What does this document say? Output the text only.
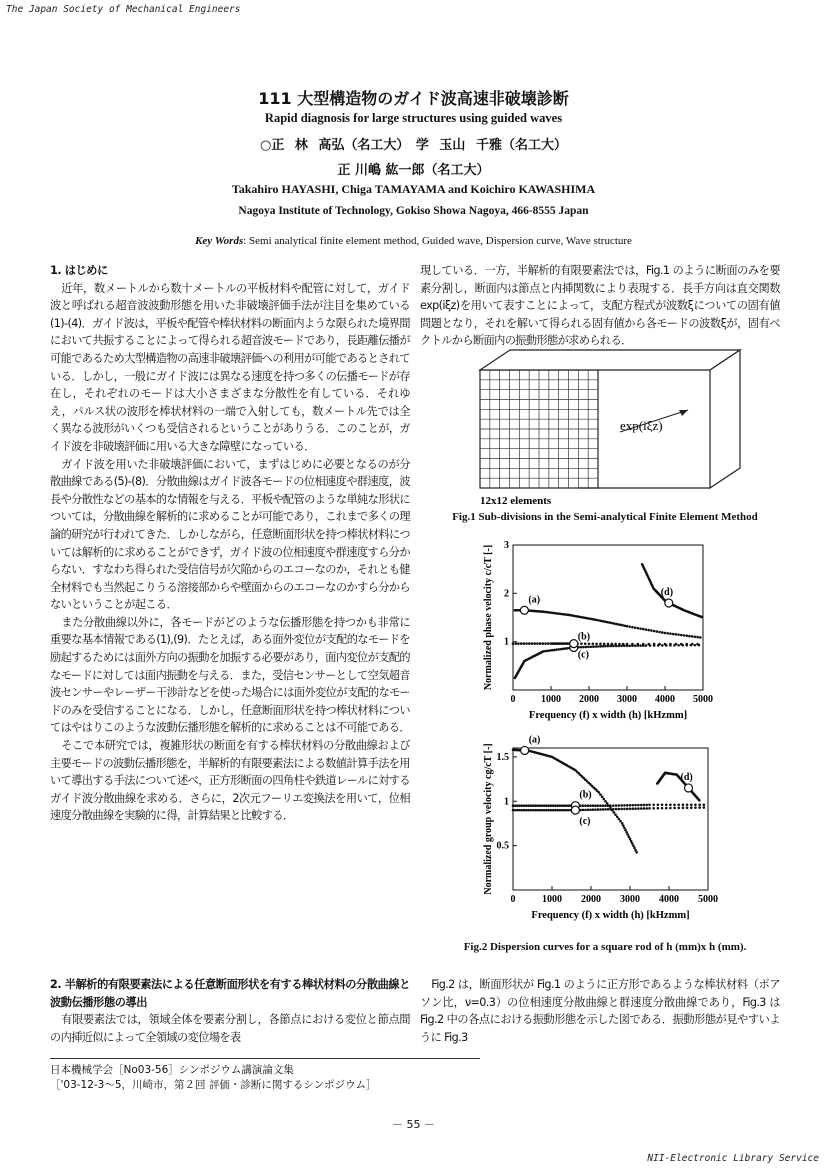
The Japan Society of Mechanical Engineers
111 大型構造物のガイド波高速非破壊診断
Rapid diagnosis for large structures using guided waves
○正 林 高弘（名工大）　学 玉山 千雅（名工大）
正 川嶋 紘一郎（名工大）
Takahiro HAYASHI, Chiga TAMAYAMA and Koichiro KAWASHIMA
Nagoya Institute of Technology, Gokiso Showa Nagoya, 466-8555 Japan
Key Words: Semi analytical finite element method, Guided wave, Dispersion curve, Wave structure
1. はじめに

近年，数メートルから数十メートルの平板材料や配管に対して，ガイド波と呼ばれる超音波波動形態を用いた非破壊評価手法が注目を集めている(1)-(4)．ガイド波は，平板や配管や棒状材料の断面内ような限られた境界間において共振することによって得られる超音波モードであり，長距離伝播が可能であるため大型構造物の高速非破壊評価への利用が可能であるとされている．しかし，一般にガイド波には異なる速度を持つ多くの伝播モードが存在し，それぞれのモードは大小さまざまな分散性を有している．それゆえ，パルス状の波形を棒状材料の一端で入射しても，数メートル先では全く異なる波形がいくつも受信されるということがありうる．このことが，ガイド波を非破壊評価に用いる大きな障壁になっている．

ガイド波を用いた非破壊評価において，まずはじめに必要となるのが分散曲線である(5)-(8)．分散曲線はガイド波各モードの位相速度や群速度，波長や分散性などの基本的な情報を与える．平板や配管のような単純な形状については，分散曲線を解析的に求めることが可能であり，これまで多くの理論的研究が行われてきた．しかしながら，任意断面形状を持つ棒状材料については解析的に求めることができず，ガイド波の位相速度や群速度すら分からない．すなわち得られた受信信号が欠陥からのエコーなのか，それとも健全材料でも当然起こりうる溶接部からや壁面からのエコーなのかすら分からないということが起こる．

また分散曲線以外に，各モードがどのような伝播形態を持つかも非常に重要な基本情報である(1),(9)．たとえば，ある面外変位が支配的なモードを励起するためには面外方向の振動を加振する必要があり，面内変位が支配的なモードに対しては面内振動を与える．また，受信センサーとして空気超音波センサーやレーザー干渉計などを使った場合には面外変位が支配的なモードのみを受信することになる．しかし，任意断面形状を持つ棒状材料についてはやはりこのような波動伝播形態を解析的に求めることは不可能である．

そこで本研究では，複雑形状の断面を有する棒状材料の分散曲線および主要モードの波動伝播形態を，半解析的有限要素法による数値計算手法を用いて導出する手法について述べ，正方形断面の四角柱や鉄道レールに対するガイド波分散曲線を求める．さらに，2次元フーリエ変換法を用いて，位相速度分散曲線を実験的に得，計算結果と比較する．

2. 半解析的有限要素法による任意断面形状を有する棒状材料の分散曲線と波動伝播形態の導出

有限要素法では，領域全体を要素分割し，各節点における変位と節点間の内挿近似によって全領域の変位場を表

現している．一方，半解析的有限要素法では，Fig.1 のように断面のみを要素分割し，断面内は節点と内挿関数により表現する．長手方向は直交関数 exp(iξz)を用いて表すことによって，支配方程式が波数ξについての固有値問題となり，それを解いて得られる固有値から各モードの波数ξが，固有ベクトルから断面内の振動形態が求められる．

exp(iξz)
12x12 elements
Fig.1 Sub-divisions in the Semi-analytical Finite Element Method
0	1000 2000 3000 4000 5000
1
2
3
Frequency (f) x width (h) [kHzmm]
Normalized phase velocity c/cT [-]	(a)
(b)
(c)
(d)
0	1000 2000 3000 4000 5000
0.5
1
1.5
Frequency (f) x width (h) [kHzmm]
Normalized group velocity cg/cT [-]
(a)
(b)
(c)
(d)
Fig.2 Dispersion curves for a square rod of h (mm)x h (mm).

Fig.2 は，断面形状が Fig.1 のように正方形であるような棒状材料（ポアソン比，ν=0.3）の位相速度分散曲線と群速度分散曲線であり，Fig.3 は Fig.2 中の各点における振動形態を示した図である．振動形態が見やすいように Fig.3

日本機械学会［No03-56］シンポジウム講演論文集
［'03-12-3～5，川崎市，第２回 評価・診断に関するシンポジウム］
－ 55 －
NII-Electronic Library Service
